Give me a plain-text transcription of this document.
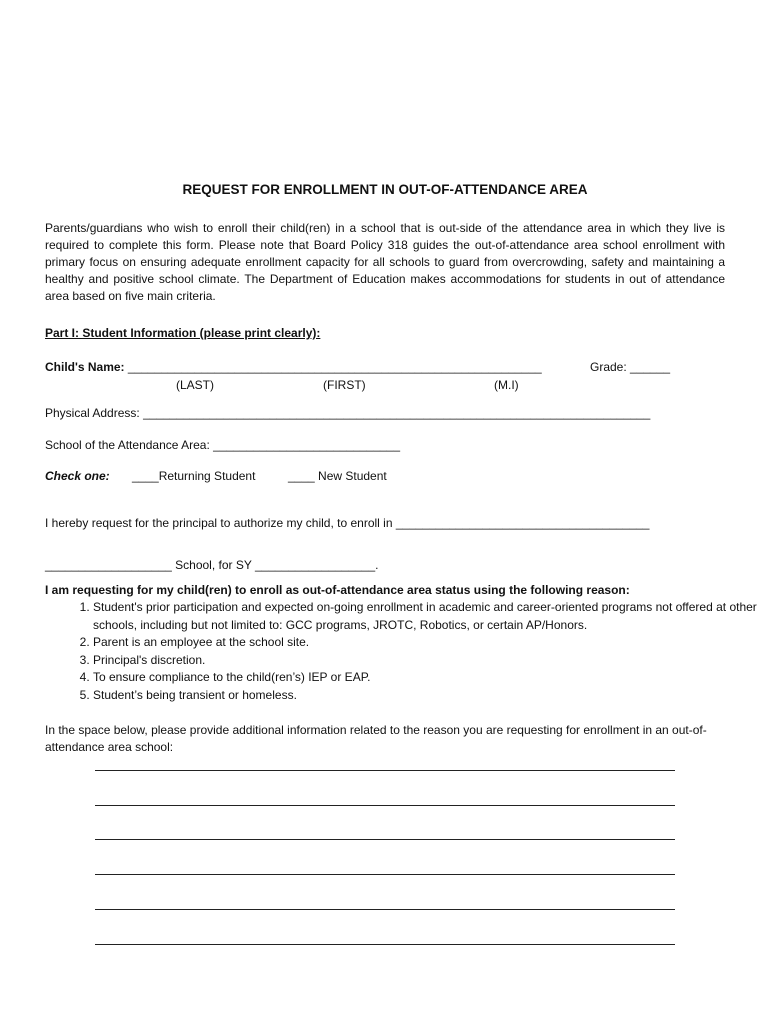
REQUEST FOR ENROLLMENT IN OUT-OF-ATTENDANCE AREA
Parents/guardians who wish to enroll their child(ren) in a school that is out-side of the attendance area in which they live is required to complete this form. Please note that Board Policy 318 guides the out-of-attendance area school enrollment with primary focus on ensuring adequate enrollment capacity for all schools to guard from overcrowding, safety and maintaining a healthy and positive school climate. The Department of Education makes accommodations for students in out of attendance area based on five main criteria.
Part I: Student Information (please print clearly):
Child's Name: ______________________________________________________________	Grade: ______
(LAST)	(FIRST)	(M.I)
Physical Address: ____________________________________________________________________________
School of the Attendance Area: ____________________________
Check one: ____Returning Student	____ New Student
I hereby request for the principal to authorize my child, to enroll in ______________________________________
___________________ School, for SY __________________.
I am requesting for my child(ren) to enroll as out-of-attendance area status using the following reason:
1. Student's prior participation and expected on-going enrollment in academic and career-oriented programs not offered at other schools, including but not limited to: GCC programs, JROTC, Robotics, or certain AP/Honors.
2. Parent is an employee at the school site.
3. Principal's discretion.
4. To ensure compliance to the child(ren’s) IEP or EAP.
5. Student’s being transient or homeless.
In the space below, please provide additional information related to the reason you are requesting for enrollment in an out-of-attendance area school:
